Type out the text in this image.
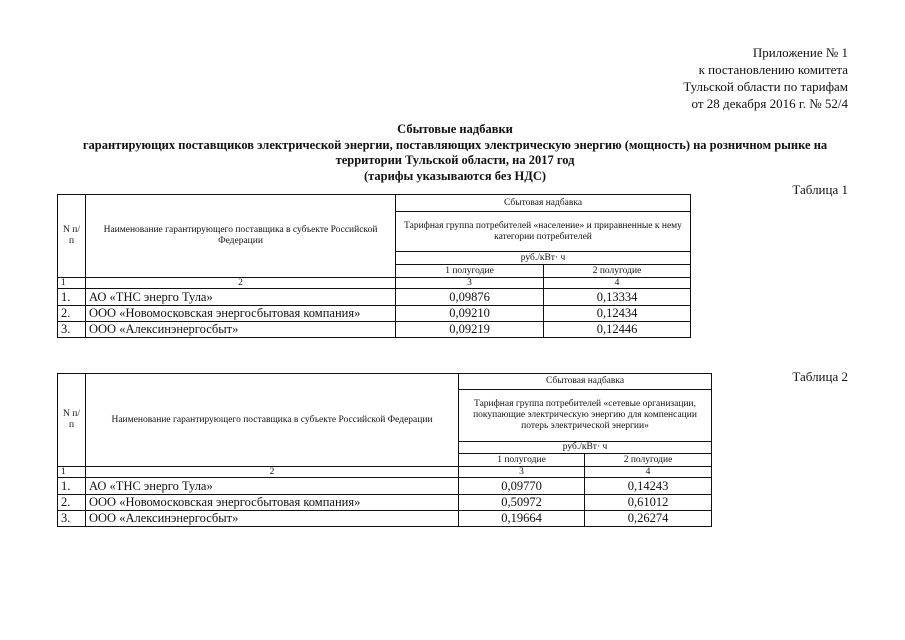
Приложение № 1
к постановлению комитета
Тульской области по тарифам
от 28 декабря 2016 г. № 52/4
Сбытовые надбавки
гарантирующих поставщиков электрической энергии, поставляющих электрическую энергию (мощность) на розничном рынке на
территории Тульской области, на 2017 год
(тарифы указываются без НДС)
Таблица 1
N п/п	Наименование гарантирующего поставщика в субъекте Российской Федерации	Сбытовая надбавка	
		Тарифная группа потребителей «население» и приравненные к нему категории потребителей	
		руб./кВт· ч	
		1 полугодие	2 полугодие
1	2	3	4
1.	АО «ТНС энерго Тула»	0,09876	0,13334
2.	ООО «Новомосковская энергосбытовая компания»	0,09210	0,12434
3.	ООО «Алексинэнергосбыт»	0,09219	0,12446
Таблица 2
N п/п	Наименование гарантирующего поставщика в субъекте Российской Федерации	Сбытовая надбавка	
		Тарифная группа потребителей «сетевые организации, покупающие электрическую энергию для компенсации потерь электрической энергии»	
		руб./кВт· ч	
		1 полугодие	2 полугодие
1	2	3	4
1.	АО «ТНС энерго Тула»	0,09770	0,14243
2.	ООО «Новомосковская энергосбытовая компания»	0,50972	0,61012
3.	ООО «Алексинэнергосбыт»	0,19664	0,26274
